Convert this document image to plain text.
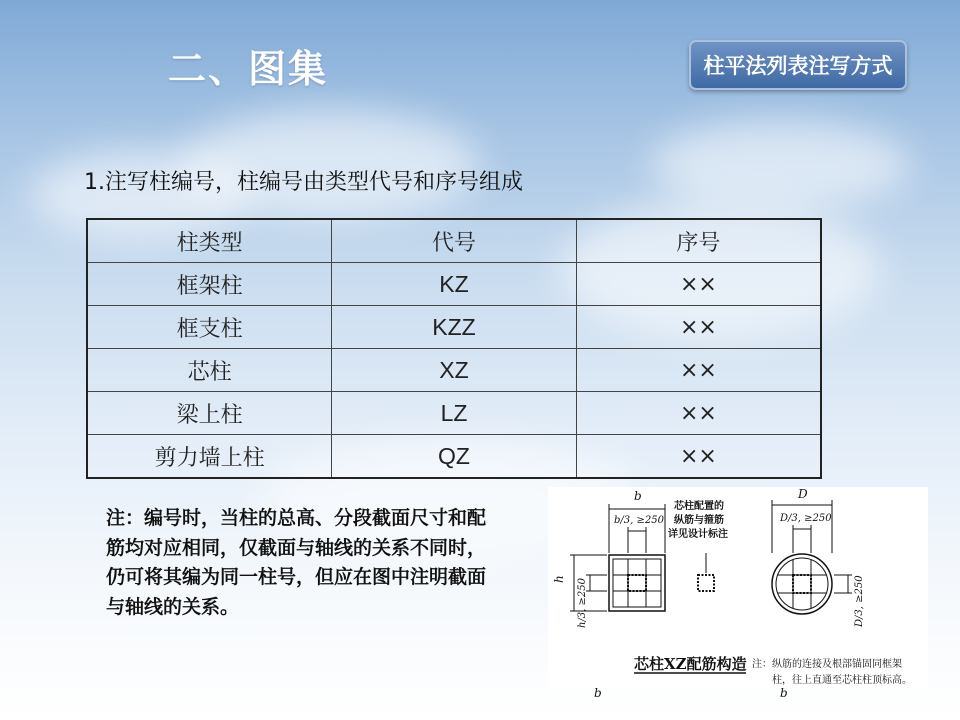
二、图集	柱平法列表注写方式
1.注写柱编号，柱编号由类型代号和序号组成
柱类型	代号	序号
框架柱	KZ	××
框支柱	KZZ	××
芯柱	XZ	××
梁上柱	LZ	××
剪力墙上柱	QZ	××
注：编号时，当柱的总高、分段截面尺寸和配筋均对应相同，仅截面与轴线的关系不同时，仍可将其编为同一柱号，但应在图中注明截面与轴线的关系。
b
b/3, ≥250
D
D/3, ≥250
h h/3, ≥250	D/3, ≥250
芯柱配置的
纵筋与箍筋
详见设计标注
芯柱XZ配筋构造 注：纵筋的连接及根部锚固同框架
柱，往上直通至芯柱柱顶标高。
b	b
